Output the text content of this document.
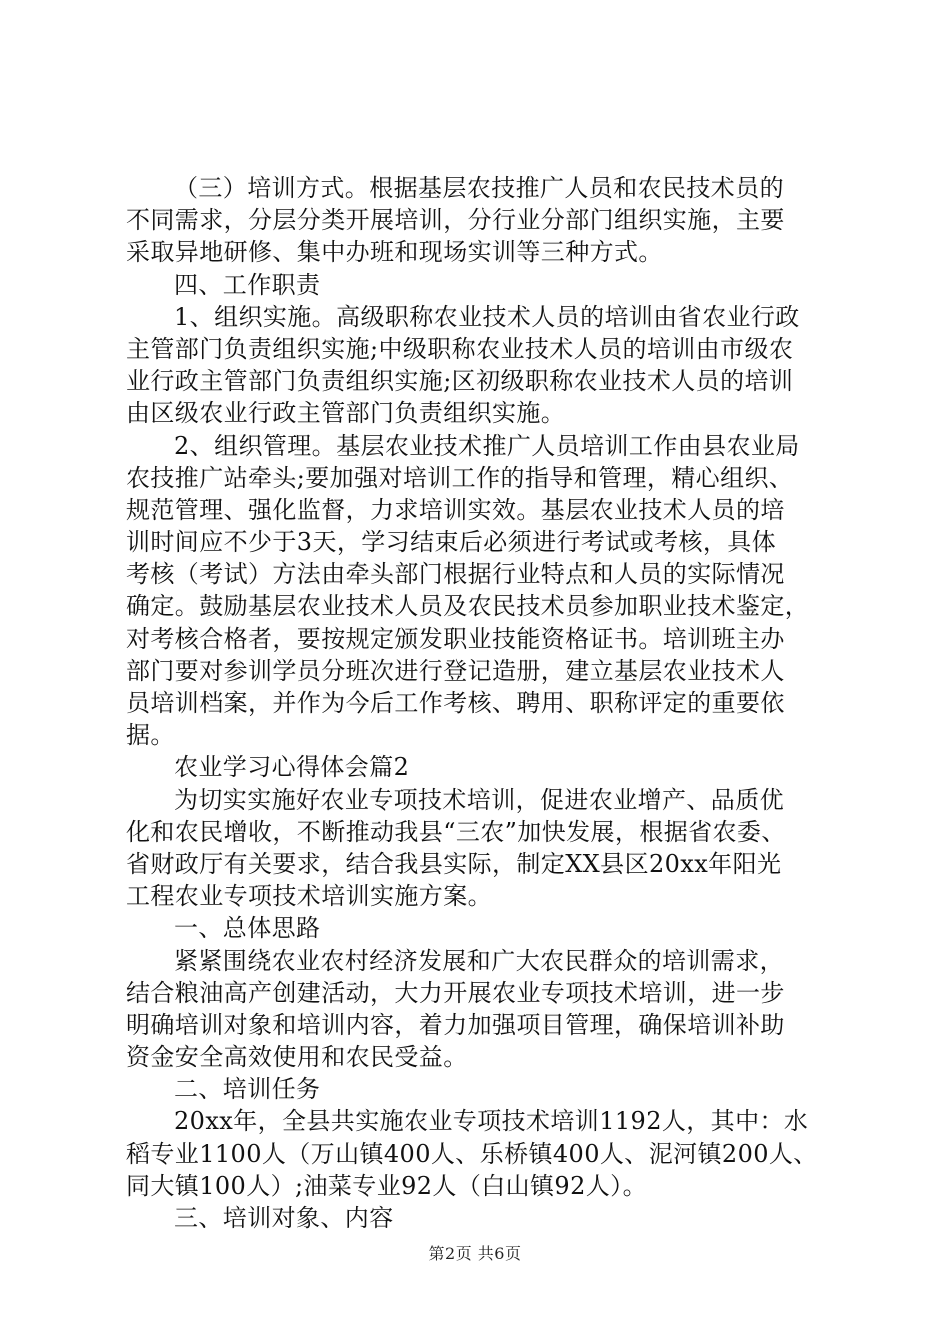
（三）培训方式。根据基层农技推广人员和农民技术员的
不同需求，分层分类开展培训，分行业分部门组织实施，主要
采取异地研修、集中办班和现场实训等三种方式。
四、工作职责
1、组织实施。高级职称农业技术人员的培训由省农业行政
主管部门负责组织实施;中级职称农业技术人员的培训由市级农
业行政主管部门负责组织实施;区初级职称农业技术人员的培训
由区级农业行政主管部门负责组织实施。
2、组织管理。基层农业技术推广人员培训工作由县农业局
农技推广站牵头;要加强对培训工作的指导和管理，精心组织、
规范管理、强化监督，力求培训实效。基层农业技术人员的培
训时间应不少于3天，学习结束后必须进行考试或考核，具体
考核（考试）方法由牵头部门根据行业特点和人员的实际情况
确定。鼓励基层农业技术人员及农民技术员参加职业技术鉴定，
对考核合格者，要按规定颁发职业技能资格证书。培训班主办
部门要对参训学员分班次进行登记造册，建立基层农业技术人
员培训档案，并作为今后工作考核、聘用、职称评定的重要依
据。
农业学习心得体会篇2
为切实实施好农业专项技术培训，促进农业增产、品质优
化和农民增收，不断推动我县“三农”加快发展，根据省农委、
省财政厅有关要求，结合我县实际，制定XX县区20xx年阳光
工程农业专项技术培训实施方案。
一、总体思路
紧紧围绕农业农村经济发展和广大农民群众的培训需求，
结合粮油高产创建活动，大力开展农业专项技术培训，进一步
明确培训对象和培训内容，着力加强项目管理，确保培训补助
资金安全高效使用和农民受益。
二、培训任务
20xx年，全县共实施农业专项技术培训1192人，其中：水
稻专业1100人（万山镇400人、乐桥镇400人、泥河镇200人、
同大镇100人）;油菜专业92人（白山镇92人）。
三、培训对象、内容
第2页 共6页
